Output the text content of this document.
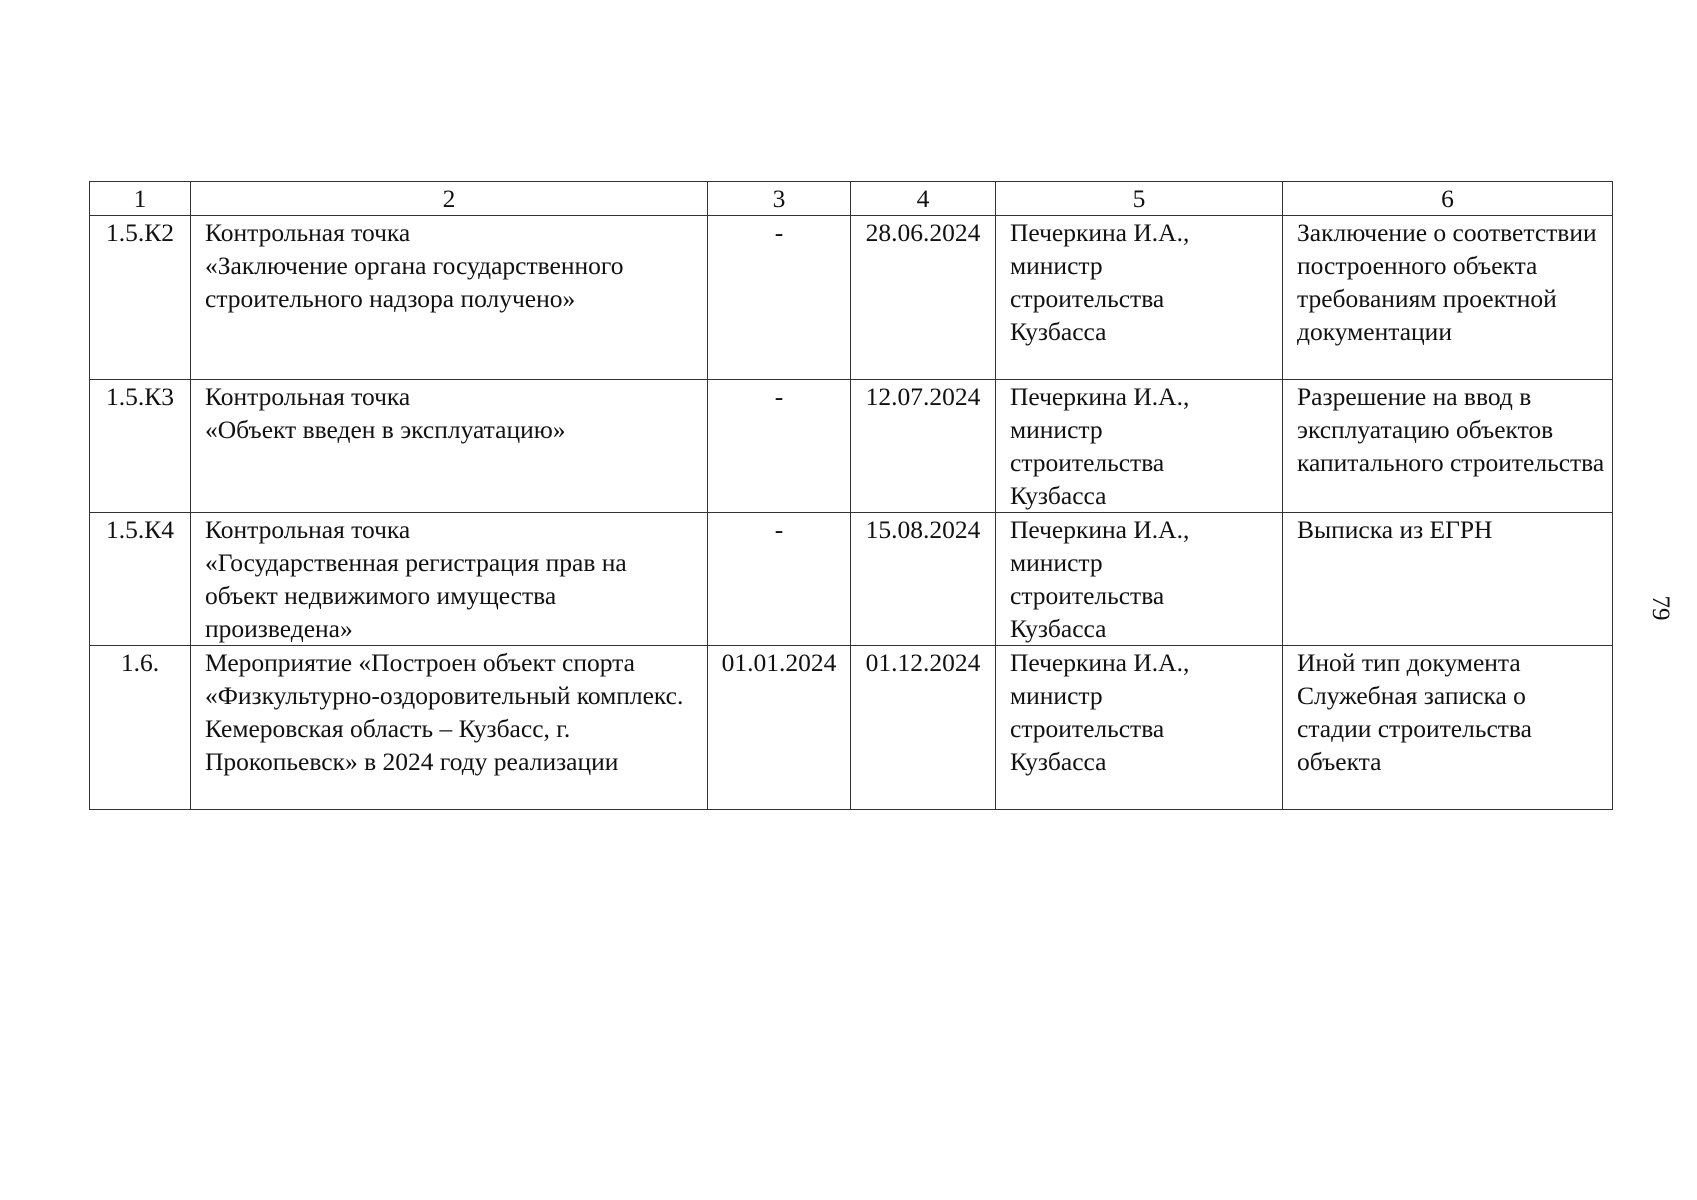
1	2	3	4	5	6
1.5.К2	Контрольная точка
«Заключение органа государственного строительного надзора получено»	-	28.06.2024	Печеркина И.А.,
министр
строительства
Кузбасса	Заключение о соответствии построенного объекта требованиям проектной документации
1.5.К3	Контрольная точка
«Объект введен в эксплуатацию»	-	12.07.2024	Печеркина И.А.,
министр
строительства
Кузбасса	Разрешение на ввод в эксплуатацию объектов капитального строительства
1.5.К4	Контрольная точка
«Государственная регистрация прав на объект недвижимого имущества произведена»	-	15.08.2024	Печеркина И.А.,
министр
строительства
Кузбасса	Выписка из ЕГРН
1.6.	Мероприятие «Построен объект спорта «Физкультурно-оздоровительный комплекс. Кемеровская область – Кузбасс, г. Прокопьевск» в 2024 году реализации	01.01.2024	01.12.2024	Печеркина И.А.,
министр
строительства
Кузбасса	Иной тип документа
Служебная записка о стадии строительства объекта
79
